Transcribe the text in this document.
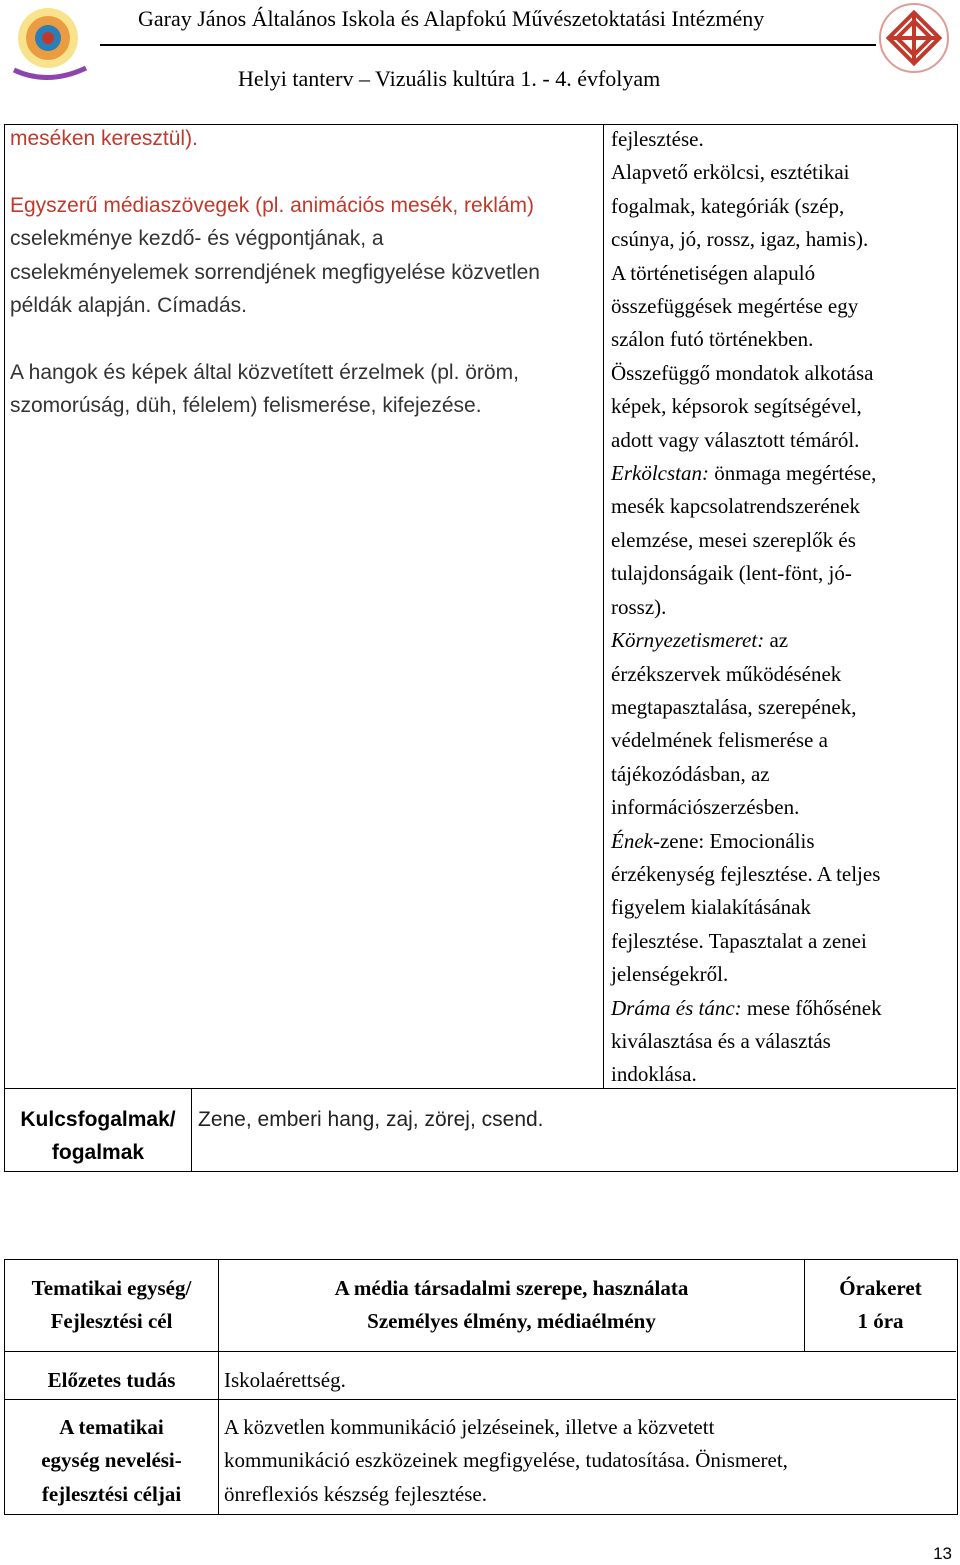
Garay János Általános Iskola és Alapfokú Művészetoktatási Intézmény
Helyi tanterv – Vizuális kultúra 1. - 4. évfolyam
meséken keresztül).
Egyszerű médiaszövegek (pl. animációs mesék, reklám)
cselekménye kezdő- és végpontjának, a
cselekményelemek sorrendjének megfigyelése közvetlen
példák alapján. Címadás.
A hangok és képek által közvetített érzelmek (pl. öröm,
szomorúság, düh, félelem) felismerése, kifejezése.
fejlesztése.
Alapvető erkölcsi, esztétikai
fogalmak, kategóriák (szép,
csúnya, jó, rossz, igaz, hamis).
A történetiségen alapuló
összefüggések megértése egy
szálon futó történekben.
Összefüggő mondatok alkotása
képek, képsorok segítségével,
adott vagy választott témáról.
Erkölcstan: önmaga megértése,
mesék kapcsolatrendszerének
elemzése, mesei szereplők és
tulajdonságaik (lent-fönt, jó-
rossz).
Környezetismeret: az
érzékszervek működésének
megtapasztalása, szerepének,
védelmének felismerése a
tájékozódásban, az
információszerzésben.
Ének-zene: Emocionális
érzékenység fejlesztése. A teljes
figyelem kialakításának
fejlesztése. Tapasztalat a zenei
jelenségekről.
Dráma és tánc: mese főhősének
kiválasztása és a választás
indoklása.
Kulcsfogalmak/
fogalmak
Zene, emberi hang, zaj, zörej, csend.
Tematikai egység/
Fejlesztési cél
A média társadalmi szerepe, használata
Személyes élmény, médiaélmény
Órakeret
1 óra
Előzetes tudás	Iskolaérettség.
A tematikai
egység nevelési-
fejlesztési céljai
A közvetlen kommunikáció jelzéseinek, illetve a közvetett
kommunikáció eszközeinek megfigyelése, tudatosítása. Önismeret,
önreflexiós készség fejlesztése.
13
